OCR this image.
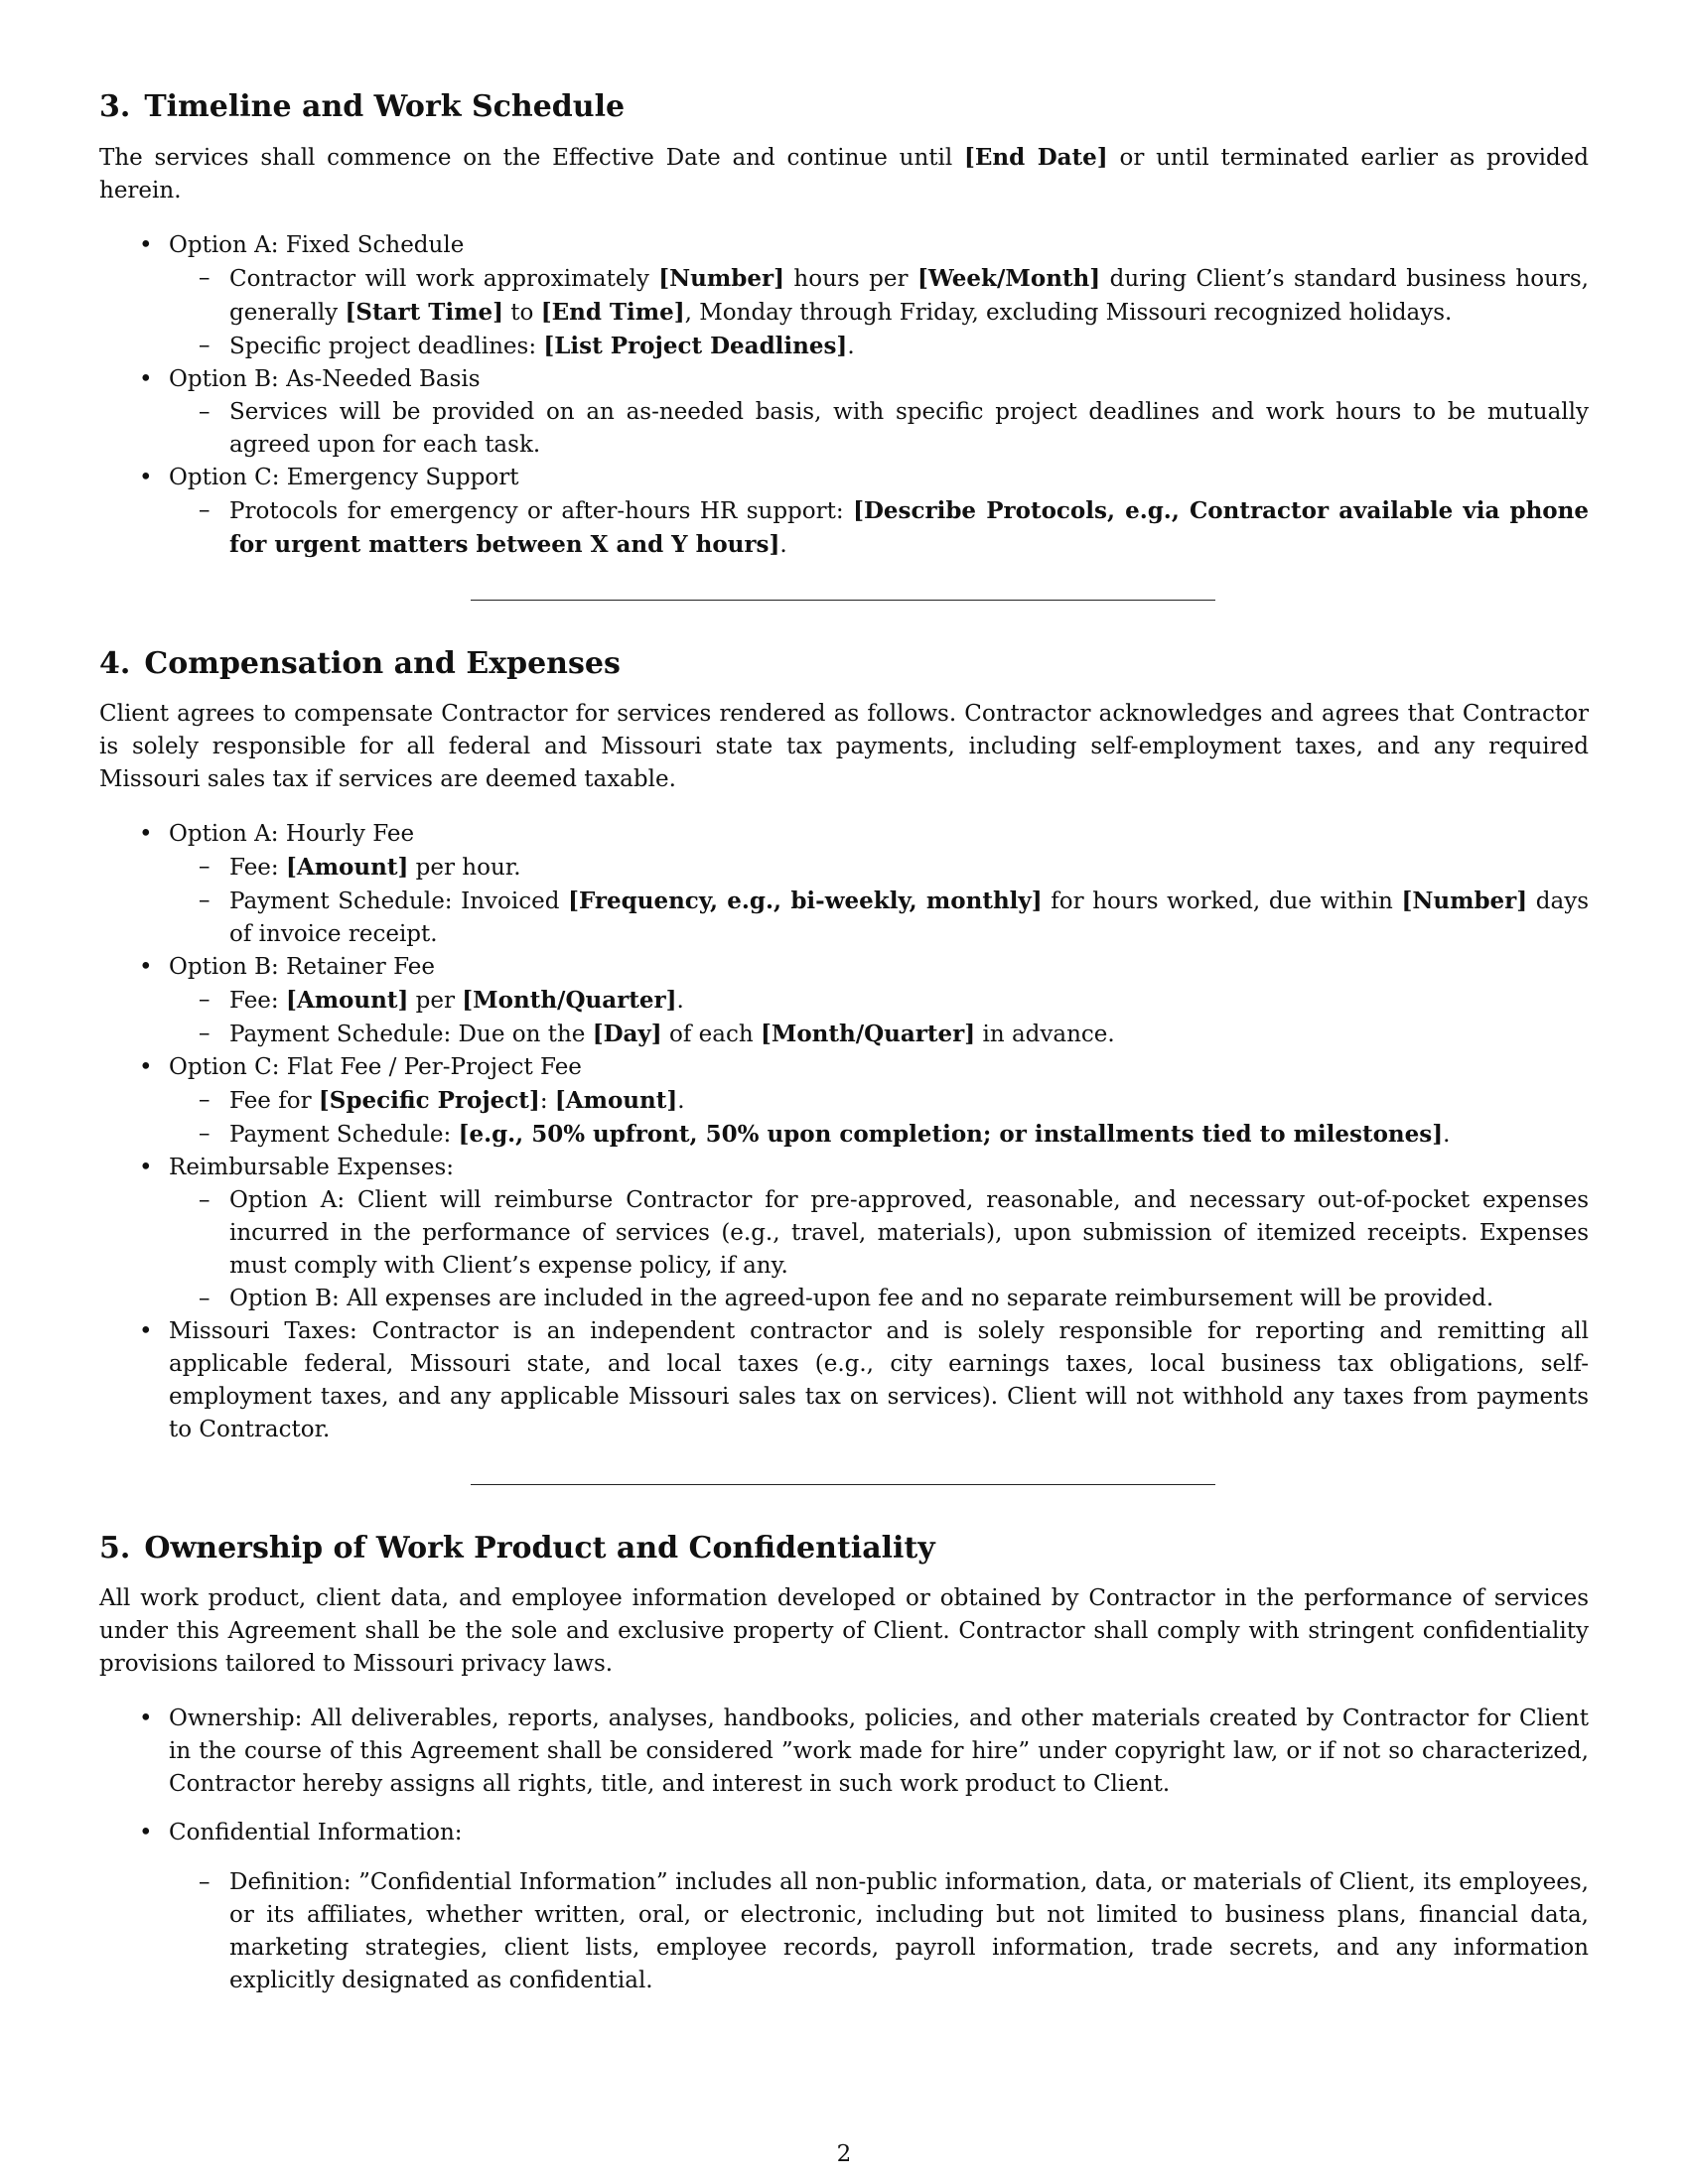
3. Timeline and Work Schedule

The services shall commence on the Effective Date and continue until [End Date] or until terminated earlier as provided herein.

• Option A: Fixed Schedule
– Contractor will work approximately [Number] hours per [Week/Month] during Client’s standard business hours, generally [Start Time] to [End Time], Monday through Friday, excluding Missouri recognized holidays.
– Specific project deadlines: [List Project Deadlines].
• Option B: As-Needed Basis
– Services will be provided on an as-needed basis, with specific project deadlines and work hours to be mutually agreed upon for each task.
• Option C: Emergency Support
– Protocols for emergency or after-hours HR support: [Describe Protocols, e.g., Contractor available via phone for urgent matters between X and Y hours].
4. Compensation and Expenses

Client agrees to compensate Contractor for services rendered as follows. Contractor acknowledges and agrees that Contractor is solely responsible for all federal and Missouri state tax payments, including self-employment taxes, and any required Missouri sales tax if services are deemed taxable.

• Option A: Hourly Fee
– Fee: [Amount] per hour.
– Payment Schedule: Invoiced [Frequency, e.g., bi-weekly, monthly] for hours worked, due within [Number] days of invoice receipt.
• Option B: Retainer Fee
– Fee: [Amount] per [Month/Quarter].
– Payment Schedule: Due on the [Day] of each [Month/Quarter] in advance.
• Option C: Flat Fee / Per-Project Fee
– Fee for [Specific Project]: [Amount].
– Payment Schedule: [e.g., 50% upfront, 50% upon completion; or installments tied to milestones].
• Reimbursable Expenses:
– Option A: Client will reimburse Contractor for pre-approved, reasonable, and necessary out-of-pocket expenses incurred in the performance of services (e.g., travel, materials), upon submission of itemized receipts. Expenses must comply with Client’s expense policy, if any.
– Option B: All expenses are included in the agreed-upon fee and no separate reimbursement will be provided.
• Missouri Taxes: Contractor is an independent contractor and is solely responsible for reporting and remitting all applicable federal, Missouri state, and local taxes (e.g., city earnings taxes, local business tax obligations, self-employment taxes, and any applicable Missouri sales tax on services). Client will not withhold any taxes from payments to Contractor.
5. Ownership of Work Product and Confidentiality

All work product, client data, and employee information developed or obtained by Contractor in the performance of services under this Agreement shall be the sole and exclusive property of Client. Contractor shall comply with stringent confidentiality provisions tailored to Missouri privacy laws.

• Ownership: All deliverables, reports, analyses, handbooks, policies, and other materials created by Contractor for Client in the course of this Agreement shall be considered ”work made for hire” under copyright law, or if not so characterized, Contractor hereby assigns all rights, title, and interest in such work product to Client.
• Confidential Information:
– Definition: ”Confidential Information” includes all non-public information, data, or materials of Client, its employees, or its affiliates, whether written, oral, or electronic, including but not limited to business plans, financial data, marketing strategies, client lists, employee records, payroll information, trade secrets, and any information explicitly designated as confidential.
2
